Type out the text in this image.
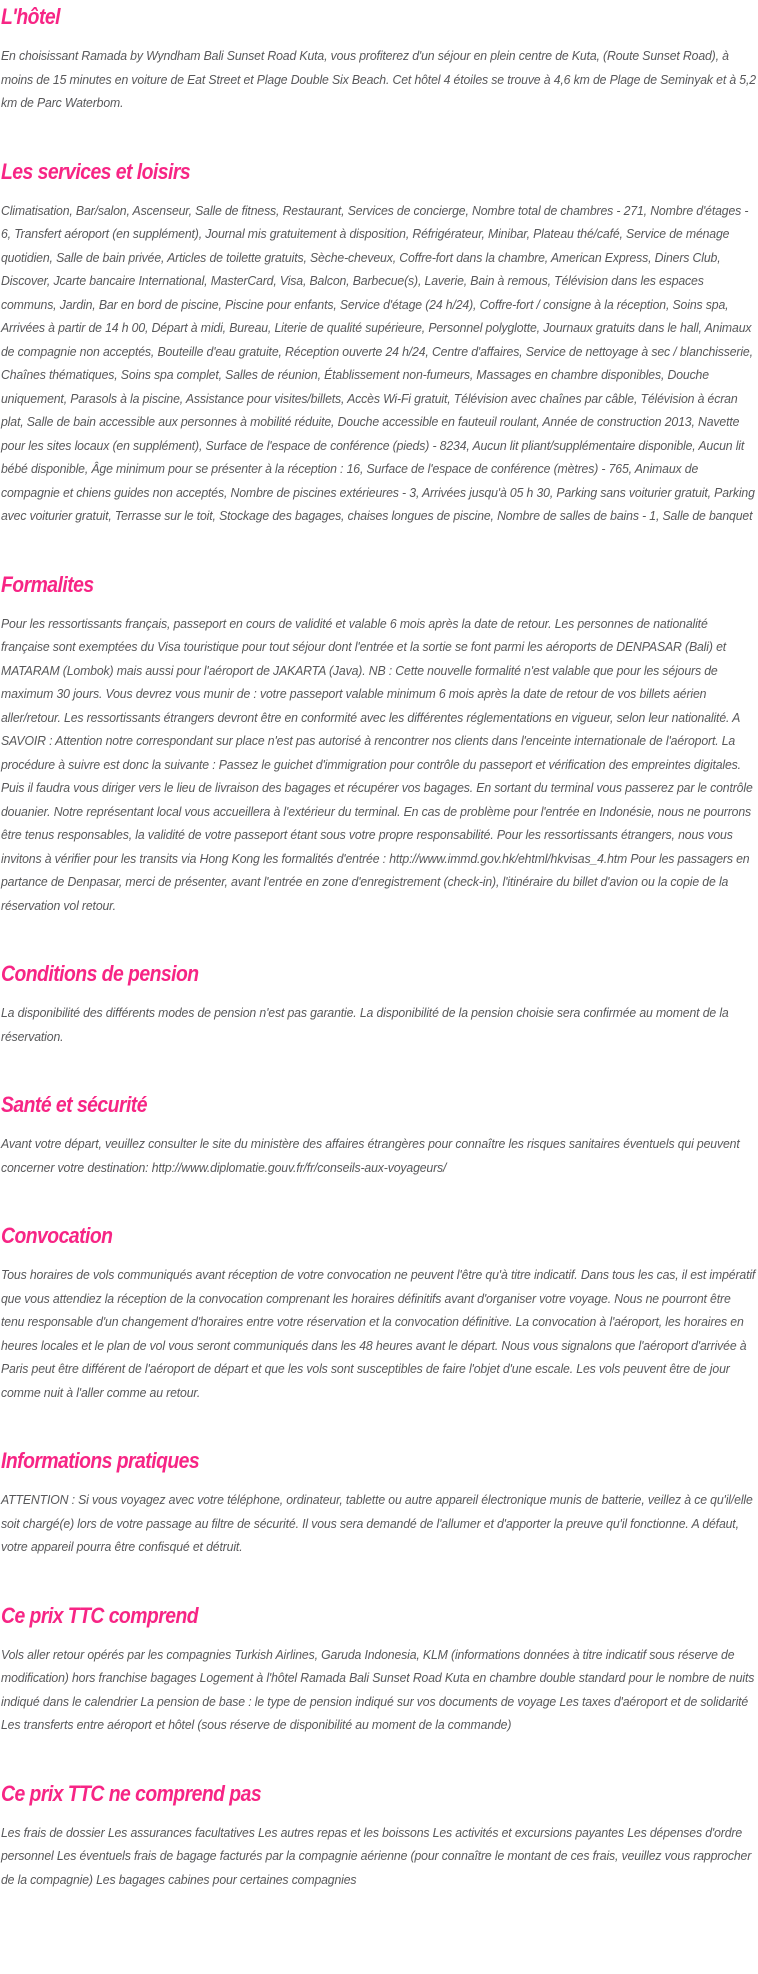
L'hôtel

En choisissant Ramada by Wyndham Bali Sunset Road Kuta, vous profiterez d'un séjour en plein centre de Kuta, (Route Sunset Road), à moins de 15 minutes en voiture de Eat Street et Plage Double Six Beach. Cet hôtel 4 étoiles se trouve à 4,6 km de Plage de Seminyak et à 5,2 km de Parc Waterbom.

Les services et loisirs

Climatisation, Bar/salon, Ascenseur, Salle de fitness, Restaurant, Services de concierge, Nombre total de chambres - 271, Nombre d'étages - 6, Transfert aéroport (en supplément), Journal mis gratuitement à disposition, Réfrigérateur, Minibar, Plateau thé/café, Service de ménage quotidien, Salle de bain privée, Articles de toilette gratuits, Sèche-cheveux, Coffre-fort dans la chambre, American Express, Diners Club, Discover, Jcarte bancaire International, MasterCard, Visa, Balcon, Barbecue(s), Laverie, Bain à remous, Télévision dans les espaces communs, Jardin, Bar en bord de piscine, Piscine pour enfants, Service d'étage (24 h/24), Coffre-fort / consigne à la réception, Soins spa, Arrivées à partir de 14 h 00, Départ à midi, Bureau, Literie de qualité supérieure, Personnel polyglotte, Journaux gratuits dans le hall, Animaux de compagnie non acceptés, Bouteille d'eau gratuite, Réception ouverte 24 h/24, Centre d'affaires, Service de nettoyage à sec / blanchisserie, Chaînes thématiques, Soins spa complet, Salles de réunion, Établissement non-fumeurs, Massages en chambre disponibles, Douche uniquement, Parasols à la piscine, Assistance pour visites/billets, Accès Wi-Fi gratuit, Télévision avec chaînes par câble, Télévision à écran plat, Salle de bain accessible aux personnes à mobilité réduite, Douche accessible en fauteuil roulant, Année de construction 2013, Navette pour les sites locaux (en supplément), Surface de l'espace de conférence (pieds) - 8234, Aucun lit pliant/supplémentaire disponible, Aucun lit bébé disponible, Âge minimum pour se présenter à la réception : 16, Surface de l'espace de conférence (mètres) - 765, Animaux de compagnie et chiens guides non acceptés, Nombre de piscines extérieures - 3, Arrivées jusqu'à 05 h 30, Parking sans voiturier gratuit, Parking avec voiturier gratuit, Terrasse sur le toit, Stockage des bagages, chaises longues de piscine, Nombre de salles de bains - 1, Salle de banquet

Formalites

Pour les ressortissants français, passeport en cours de validité et valable 6 mois après la date de retour. Les personnes de nationalité française sont exemptées du Visa touristique pour tout séjour dont l'entrée et la sortie se font parmi les aéroports de DENPASAR (Bali) et MATARAM (Lombok) mais aussi pour l'aéroport de JAKARTA (Java). NB : Cette nouvelle formalité n'est valable que pour les séjours de maximum 30 jours. Vous devrez vous munir de : votre passeport valable minimum 6 mois après la date de retour de vos billets aérien aller/retour. Les ressortissants étrangers devront être en conformité avec les différentes réglementations en vigueur, selon leur nationalité. A SAVOIR : Attention notre correspondant sur place n'est pas autorisé à rencontrer nos clients dans l'enceinte internationale de l'aéroport. La procédure à suivre est donc la suivante : Passez le guichet d'immigration pour contrôle du passeport et vérification des empreintes digitales. Puis il faudra vous diriger vers le lieu de livraison des bagages et récupérer vos bagages. En sortant du terminal vous passerez par le contrôle douanier. Notre représentant local vous accueillera à l'extérieur du terminal. En cas de problème pour l'entrée en Indonésie, nous ne pourrons être tenus responsables, la validité de votre passeport étant sous votre propre responsabilité. Pour les ressortissants étrangers, nous vous invitons à vérifier pour les transits via Hong Kong les formalités d'entrée : http://www.immd.gov.hk/ehtml/hkvisas_4.htm Pour les passagers en partance de Denpasar, merci de présenter, avant l'entrée en zone d'enregistrement (check-in), l'itinéraire du billet d'avion ou la copie de la réservation vol retour.

Conditions de pension

La disponibilité des différents modes de pension n'est pas garantie. La disponibilité de la pension choisie sera confirmée au moment de la réservation.

Santé et sécurité

Avant votre départ, veuillez consulter le site du ministère des affaires étrangères pour connaître les risques sanitaires éventuels qui peuvent concerner votre destination: http://www.diplomatie.gouv.fr/fr/conseils-aux-voyageurs/

Convocation

Tous horaires de vols communiqués avant réception de votre convocation ne peuvent l'être qu'à titre indicatif. Dans tous les cas, il est impératif que vous attendiez la réception de la convocation comprenant les horaires définitifs avant d'organiser votre voyage. Nous ne pourront être tenu responsable d'un changement d'horaires entre votre réservation et la convocation définitive. La convocation à l'aéroport, les horaires en heures locales et le plan de vol vous seront communiqués dans les 48 heures avant le départ. Nous vous signalons que l'aéroport d'arrivée à Paris peut être différent de l'aéroport de départ et que les vols sont susceptibles de faire l'objet d'une escale. Les vols peuvent être de jour comme nuit à l'aller comme au retour.

Informations pratiques

ATTENTION : Si vous voyagez avec votre téléphone, ordinateur, tablette ou autre appareil électronique munis de batterie, veillez à ce qu'il/elle soit chargé(e) lors de votre passage au filtre de sécurité. Il vous sera demandé de l'allumer et d'apporter la preuve qu'il fonctionne. A défaut, votre appareil pourra être confisqué et détruit.

Ce prix TTC comprend

Vols aller retour opérés par les compagnies Turkish Airlines, Garuda Indonesia, KLM (informations données à titre indicatif sous réserve de modification) hors franchise bagages Logement à l'hôtel Ramada Bali Sunset Road Kuta en chambre double standard pour le nombre de nuits indiqué dans le calendrier La pension de base : le type de pension indiqué sur vos documents de voyage Les taxes d'aéroport et de solidarité Les transferts entre aéroport et hôtel (sous réserve de disponibilité au moment de la commande)

Ce prix TTC ne comprend pas

Les frais de dossier Les assurances facultatives Les autres repas et les boissons Les activités et excursions payantes Les dépenses d'ordre personnel Les éventuels frais de bagage facturés par la compagnie aérienne (pour connaître le montant de ces frais, veuillez vous rapprocher de la compagnie) Les bagages cabines pour certaines compagnies
